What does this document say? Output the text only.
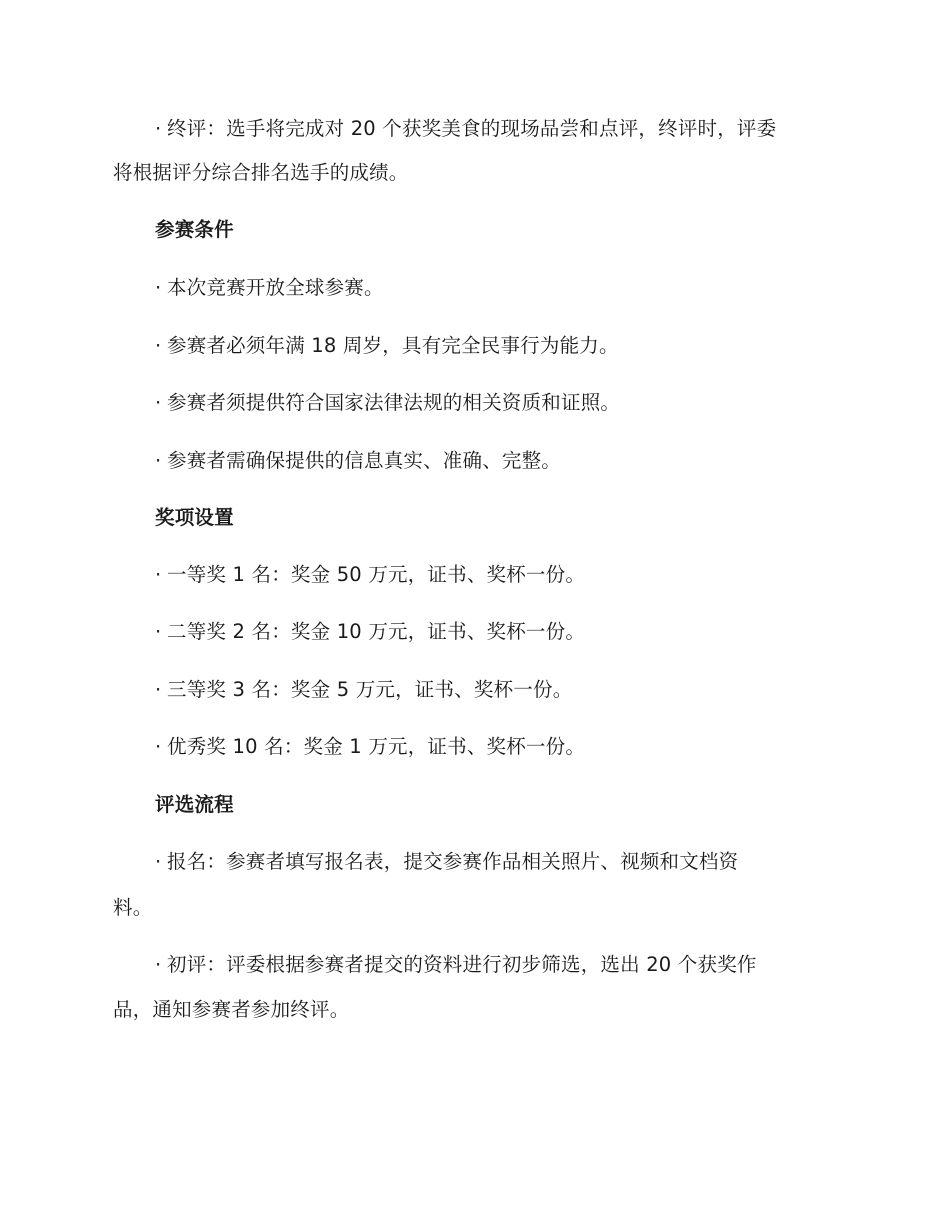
· 终评：选手将完成对 20 个获奖美食的现场品尝和点评，终评时，评委
将根据评分综合排名选手的成绩。
参赛条件
· 本次竞赛开放全球参赛。
· 参赛者必须年满 18 周岁，具有完全民事行为能力。
· 参赛者须提供符合国家法律法规的相关资质和证照。
· 参赛者需确保提供的信息真实、准确、完整。
奖项设置
· 一等奖 1 名：奖金 50 万元，证书、奖杯一份。
· 二等奖 2 名：奖金 10 万元，证书、奖杯一份。
· 三等奖 3 名：奖金 5 万元，证书、奖杯一份。
· 优秀奖 10 名：奖金 1 万元，证书、奖杯一份。
评选流程
· 报名：参赛者填写报名表，提交参赛作品相关照片、视频和文档资
料。
· 初评：评委根据参赛者提交的资料进行初步筛选，选出 20 个获奖作
品，通知参赛者参加终评。
